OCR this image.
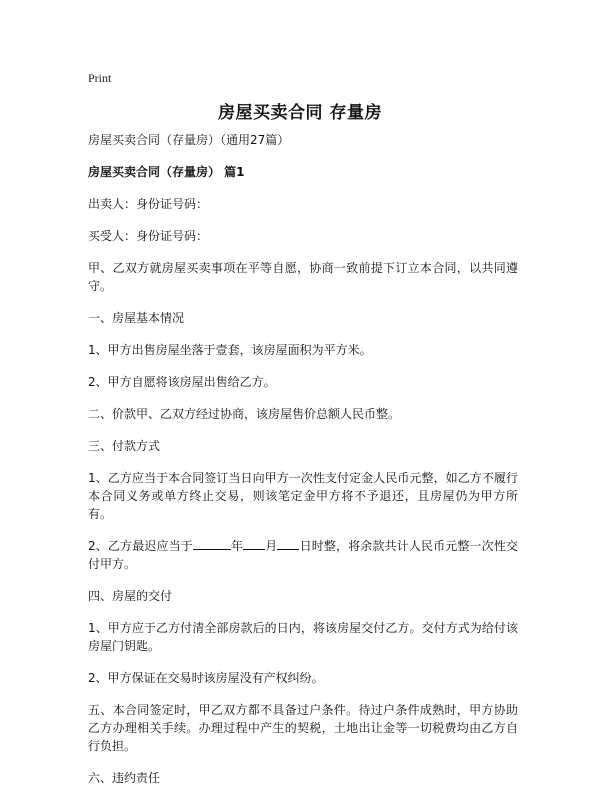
Print
房屋买卖合同 存量房

房屋买卖合同（存量房）（通用27篇）

房屋买卖合同（存量房） 篇1

出卖人：身份证号码：

买受人：身份证号码：

甲、乙双方就房屋买卖事项在平等自愿，协商一致前提下订立本合同，以共同遵守。

一、房屋基本情况

1、甲方出售房屋坐落于壹套，该房屋面积为平方米。

2、甲方自愿将该房屋出售给乙方。

二、价款甲、乙双方经过协商，该房屋售价总额人民币整。

三、付款方式

1、乙方应当于本合同签订当日向甲方一次性支付定金人民币元整，如乙方不履行本合同义务或单方终止交易，则该笔定金甲方将不予退还，且房屋仍为甲方所有。

2、乙方最迟应当于	年 月 日时整，将余款共计人民币元整一次性交付甲方。

四、房屋的交付

1、甲方应于乙方付清全部房款后的日内，将该房屋交付乙方。交付方式为给付该房屋门钥匙。

2、甲方保证在交易时该房屋没有产权纠纷。

五、本合同签定时，甲乙双方都不具备过户条件。待过户条件成熟时，甲方协助乙方办理相关手续。办理过程中产生的契税，土地出让金等一切税费均由乙方自行负担。

六、违约责任
